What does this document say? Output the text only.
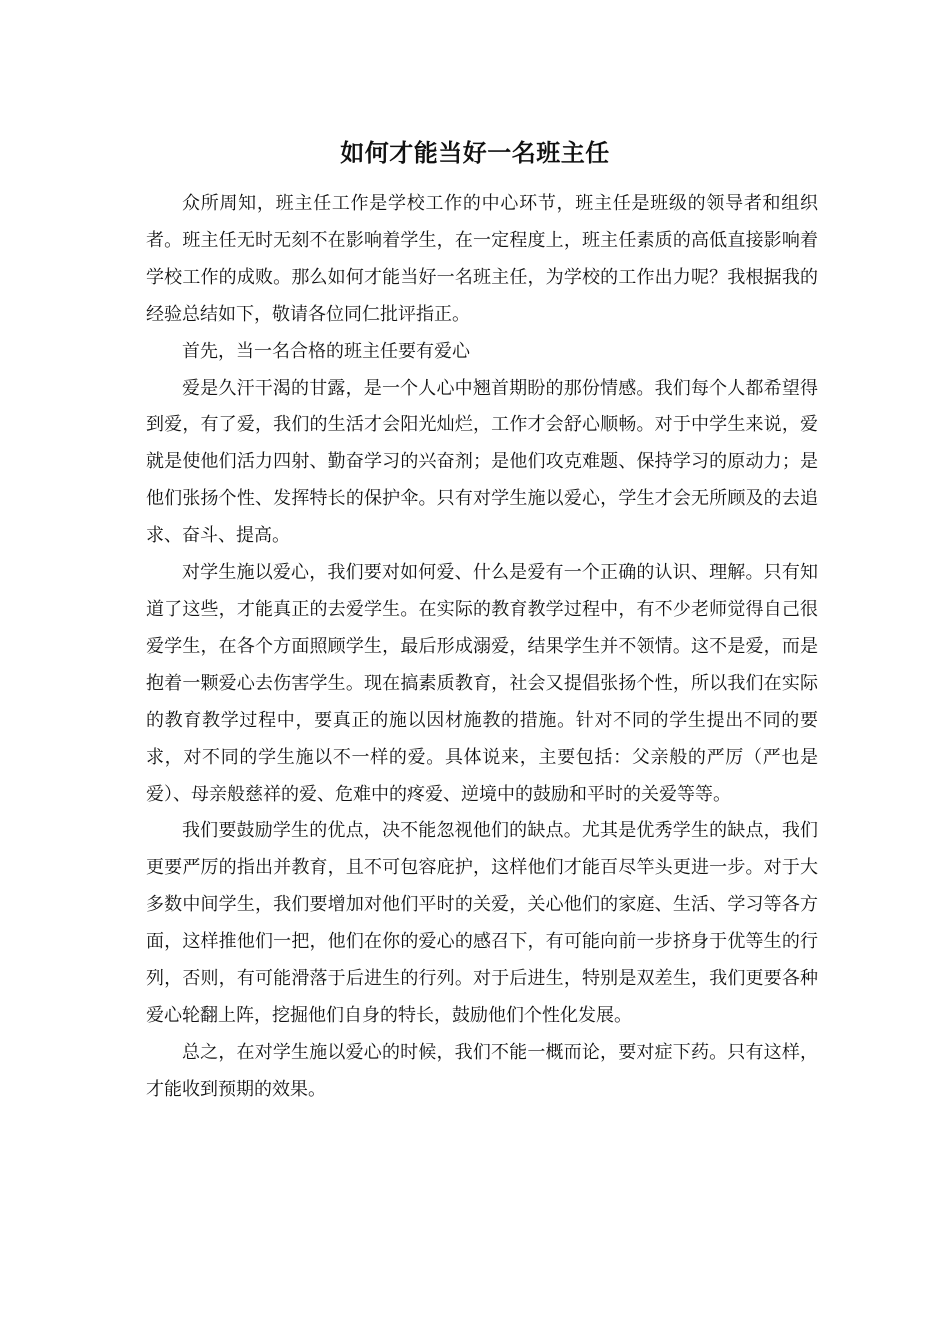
如何才能当好一名班主任

众所周知，班主任工作是学校工作的中心环节，班主任是班级的领导者和组织者。班主任无时无刻不在影响着学生，在一定程度上，班主任素质的高低直接影响着学校工作的成败。那么如何才能当好一名班主任，为学校的工作出力呢？我根据我的经验总结如下，敬请各位同仁批评指正。

首先，当一名合格的班主任要有爱心

爱是久汗干渴的甘露，是一个人心中翘首期盼的那份情感。我们每个人都希望得到爱，有了爱，我们的生活才会阳光灿烂，工作才会舒心顺畅。对于中学生来说，爱就是使他们活力四射、勤奋学习的兴奋剂；是他们攻克难题、保持学习的原动力；是他们张扬个性、发挥特长的保护伞。只有对学生施以爱心，学生才会无所顾及的去追求、奋斗、提高。

对学生施以爱心，我们要对如何爱、什么是爱有一个正确的认识、理解。只有知道了这些，才能真正的去爱学生。在实际的教育教学过程中，有不少老师觉得自己很爱学生，在各个方面照顾学生，最后形成溺爱，结果学生并不领情。这不是爱，而是抱着一颗爱心去伤害学生。现在搞素质教育，社会又提倡张扬个性，所以我们在实际的教育教学过程中，要真正的施以因材施教的措施。针对不同的学生提出不同的要求，对不同的学生施以不一样的爱。具体说来，主要包括：父亲般的严厉（严也是爱）、母亲般慈祥的爱、危难中的疼爱、逆境中的鼓励和平时的关爱等等。

我们要鼓励学生的优点，决不能忽视他们的缺点。尤其是优秀学生的缺点，我们更要严厉的指出并教育，且不可包容庇护，这样他们才能百尽竿头更进一步。对于大多数中间学生，我们要增加对他们平时的关爱，关心他们的家庭、生活、学习等各方面，这样推他们一把，他们在你的爱心的感召下，有可能向前一步挤身于优等生的行列，否则，有可能滑落于后进生的行列。对于后进生，特别是双差生，我们更要各种爱心轮翻上阵，挖掘他们自身的特长，鼓励他们个性化发展。

总之，在对学生施以爱心的时候，我们不能一概而论，要对症下药。只有这样，才能收到预期的效果。
